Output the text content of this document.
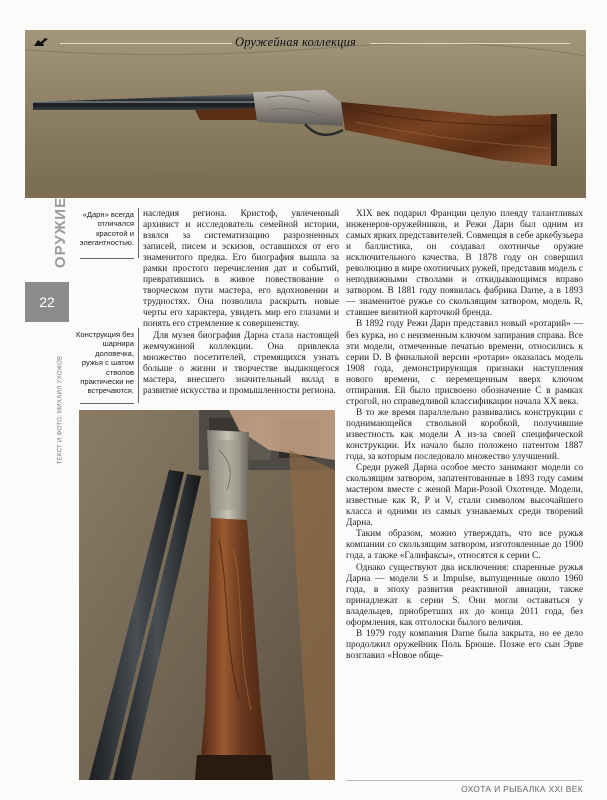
Оружейная коллекция
ОРУЖИЕ
22
ТЕКСТ И ФОТО: МИХАИЛ УХОЖОВ
«Дарн» всегда отличался красотой и элегантностью.
Конструкция без шарнира доловечка, ружья с шатом стволов практически не встречаются.

наследия региона. Кристоф, увлеченный архивист и исследователь семейной истории, взялся за систематизацию разрозненных записей, писем и эскизов, оставшихся от его знаменитого предка. Его биография вышла за рамки простого перечисления дат и событий, превратившись в живое повествование о творческом пути мастера, его вдохновении и трудностях. Она позволила раскрыть новые черты его характера, увидеть мир его глазами и понять его стремление к совершенству.

Для музея биография Дарна стала настоящей жемчужиной коллекции. Она привлекла множество посетителей, стремящихся узнать больше о жизни и творчестве выдающегося мастера, внесшего значительный вклад в развитие искусства и промышленности региона.

XIX век подарил Франции целую плеяду талантливых инженеров-оружейников, и Режи Дарн был одним из самых ярких представителей. Совмещая в себе аркебузьера и баллистика, он создавал охотничье оружие исключительного качества. В 1878 году он совершил революцию в мире охотничьих ружей, представив модель с неподвижными стволами и откидывающимся вправо затвором. В 1881 году появилась фабрика Darne, а в 1893 — знаменитое ружье со скользящим затвором, модель R, ставшее визитной карточкой бренда.

В 1892 году Режи Дарн представил новый «ротарий» — без курка, но с неизменным ключом запирания справа. Все эти модели, отмеченные печатью времени, относились к серии D. В финальной версии «ротари» оказалась модель 1908 года, демонстрирующая признаки наступления нового времени, с перемещенным вверх ключом отпирания. Ей было присвоено обозначение С в рамках строгой, но справедливой классификации начала XX века.

В то же время параллельно развивались конструкции с поднимающейся ствольной коробкой, получившие известность как модели А из-за своей специфической конструкции. Их начало было положено патентом 1887 года, за которым последовало множество улучшений.

Среди ружей Дарна особое место занимают модели со скользящим затвором, запатентованные в 1893 году самим мастером вместе с женой Мари-Розой Охотенде. Модели, известные как R, P и V, стали символом высочайшего класса и одними из самых узнаваемых среди творений Дарна.

Таким образом, можно утверждать, что все ружья компании со скользящим затвором, изготовленные до 1900 года, а также «Галифаксы», относятся к серии С.

Однако существуют два исключения: спаренные ружья Дарна — модели S и Impulse, выпущенные около 1960 года, в эпоху развития реактивной авиации, также принадлежат к серии S. Они могли оставаться у владельцев, приобретших их до конца 2011 года, без оформления, как отголоски былого величия.

В 1979 году компания Darne была закрыта, но ее дело продолжил оружейник Поль Брюше. Позже его сын Эрве возглавил «Новое обще-

ОХОТА И РЫБАЛКА XXI ВЕК
